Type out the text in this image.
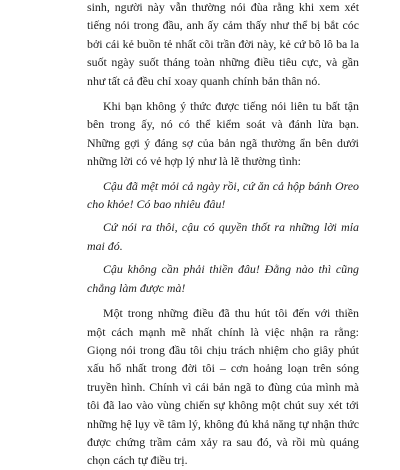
sinh, người này vẫn thường nói đùa rằng khi xem xét tiếng nói trong đầu, anh ấy cảm thấy như thể bị bắt cóc bởi cái kẻ buồn tẻ nhất cõi trần đời này, kẻ cứ bô lô ba la suốt ngày suốt tháng toàn những điều tiêu cực, và gần như tất cả đều chỉ xoay quanh chính bản thân nó.

Khi bạn không ý thức được tiếng nói liên tu bất tận bên trong ấy, nó có thể kiểm soát và đánh lừa bạn. Những gợi ý đáng sợ của bản ngã thường ẩn bên dưới những lời có vẻ hợp lý như là lẽ thường tình:

Cậu đã mệt mỏi cả ngày rồi, cứ ăn cả hộp bánh Oreo cho khỏe! Có bao nhiêu đâu!

Cứ nói ra thôi, cậu có quyền thốt ra những lời mỉa mai đó.

Cậu không cần phải thiền đâu! Đằng nào thì cũng chẳng làm được mà!

Một trong những điều đã thu hút tôi đến với thiền một cách mạnh mẽ nhất chính là việc nhận ra rằng: Giọng nói trong đầu tôi chịu trách nhiệm cho giây phút xấu hổ nhất trong đời tôi – cơn hoảng loạn trên sóng truyền hình. Chính vì cái bản ngã to đùng của mình mà tôi đã lao vào vùng chiến sự không một chút suy xét tới những hệ lụy về tâm lý, không đủ khả năng tự nhận thức được chứng trầm cảm xảy ra sau đó, và rồi mù quáng chọn cách tự điều trị.
